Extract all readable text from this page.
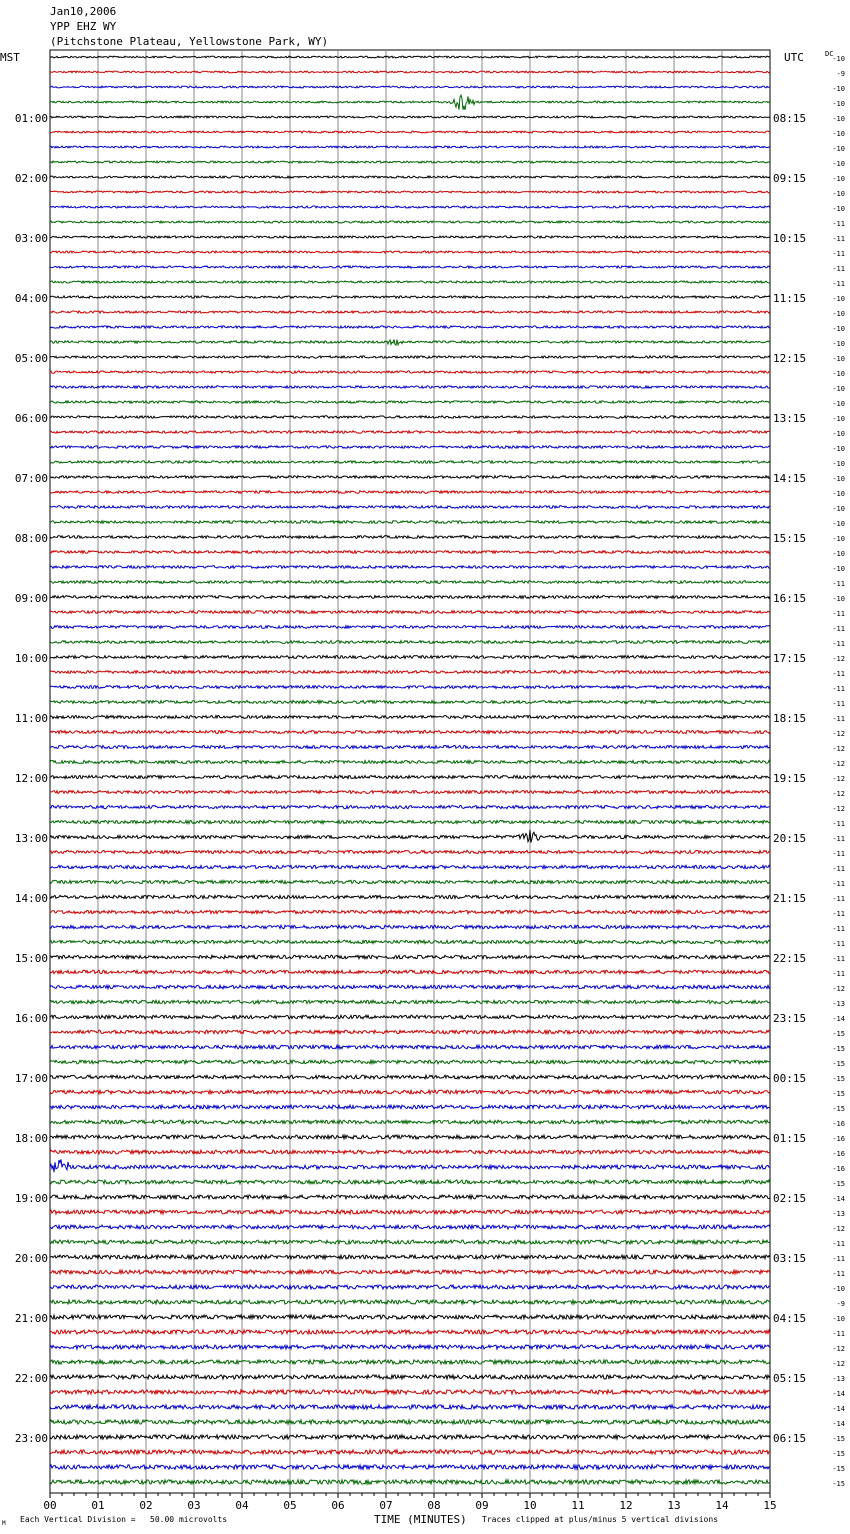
Jan10,2006
YPP EHZ WY
(Pitchstone Plateau, Yellowstone Park, WY)
00	01	02	03	04	05	06	07	08	09	10	11	12	13	14	15
-10
-9
-10
-10
-10
-10
-10
-10
-10
-10
-10
-11
-11
-11
-11
-11
-10
-10
-10
-10
-10
-10
-10
-10
-10
-10
-10
-10
-10
-10
-10
-10
-10
-10
-10
-11
-10
-11
-11
-11
-12
-11
-11
-11
-11
-12
-12
-12
-12
-12
-12
-11
-11
-11
-11
-11
-11
-11
-11
-11
-11
-11
-12
-13
-14
-15
-15
-15
-15
-15
-15
-16
-16
-16
-16
-15
-14
-13
-12
-11
-11
-11
-10
-9
-10
-11
-12
-12
-13
-14
-14
-14
-15
-15
-15
-15
01:00
02:00
03:00
04:00
05:00
06:00
07:00
08:00
09:00
10:00
11:00
12:00
13:00
14:00
15:00
16:00
17:00
18:00
19:00
20:00
21:00
22:00
23:00
08:15
09:15
10:15
11:15
12:15
13:15
14:15
15:15
16:15
17:15
18:15
19:15
20:15
21:15
22:15
23:15
00:15
01:15
02:15
03:15
04:15
05:15
06:15
MST	UTC	DC
TIME (MINUTES)
M Each Vertical Division =   50.00 microvolts	Traces clipped at plus/minus 5 vertical divisions
